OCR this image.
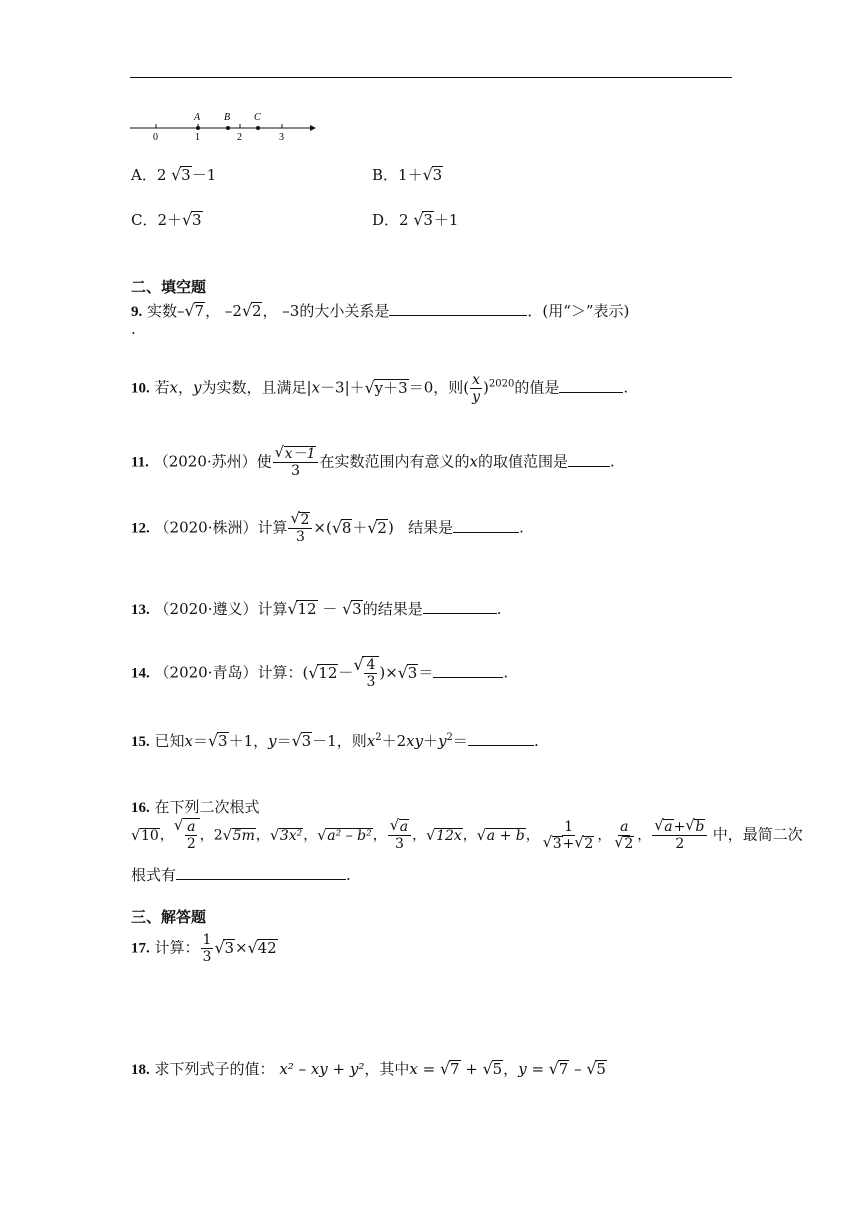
A B C
0	1	2	3
A．2 √ 3－1	B．1＋ √ 3
C．2＋ √ 3	D．2 √ 3＋1
二、填空题
9. 实数– √ 7， –2 √ 2， –3的大小关系是	．(用“＞”表示)
.
10. 若x，y为实数，且满足|x－3|＋ √ y＋3＝0，则( $\frac{x}{y} )^{2020}$的值是	.
11. （2020·苏州）使 $\frac{√ x-1}{3}$ 在实数范围内有意义的x的取值范围是	.
12. （2020·株洲）计算 $\frac{√ 2}{3}$ ×( √ 8＋ √ 2) 结果是	.
13. （2020·遵义）计算 √ 12 － √ 3的结果是	.
14. （2020·青岛）计算：( √ 12－ √ $\frac{4}{3}$ )× √ 3＝	.
15. 已知x＝ √ 3＋1，y＝ √ 3－1，则$x^2+2xy+y^2=$	.
16. 在下列二次根式
√ 10，
√ $\frac{a}{2}$ ，2 √ 5m， √ 3x²， √ a² – b²， $\frac{√ a}{3}$ ， √ 12x， √ a + b， $\frac{1}{√ 3+ √ 2}$ ， $\frac{a}{√ 2}$ ， $\frac{√ a+ √ b}{2}$ 中，最简二次
根式有	.
三、解答题
17. 计算： $\frac{1}{3}$ √ 3× √ 42
18. 求下列式子的值： x² – xy + y²，其中x = √ 7 + √ 5，y = √ 7 – √ 5
